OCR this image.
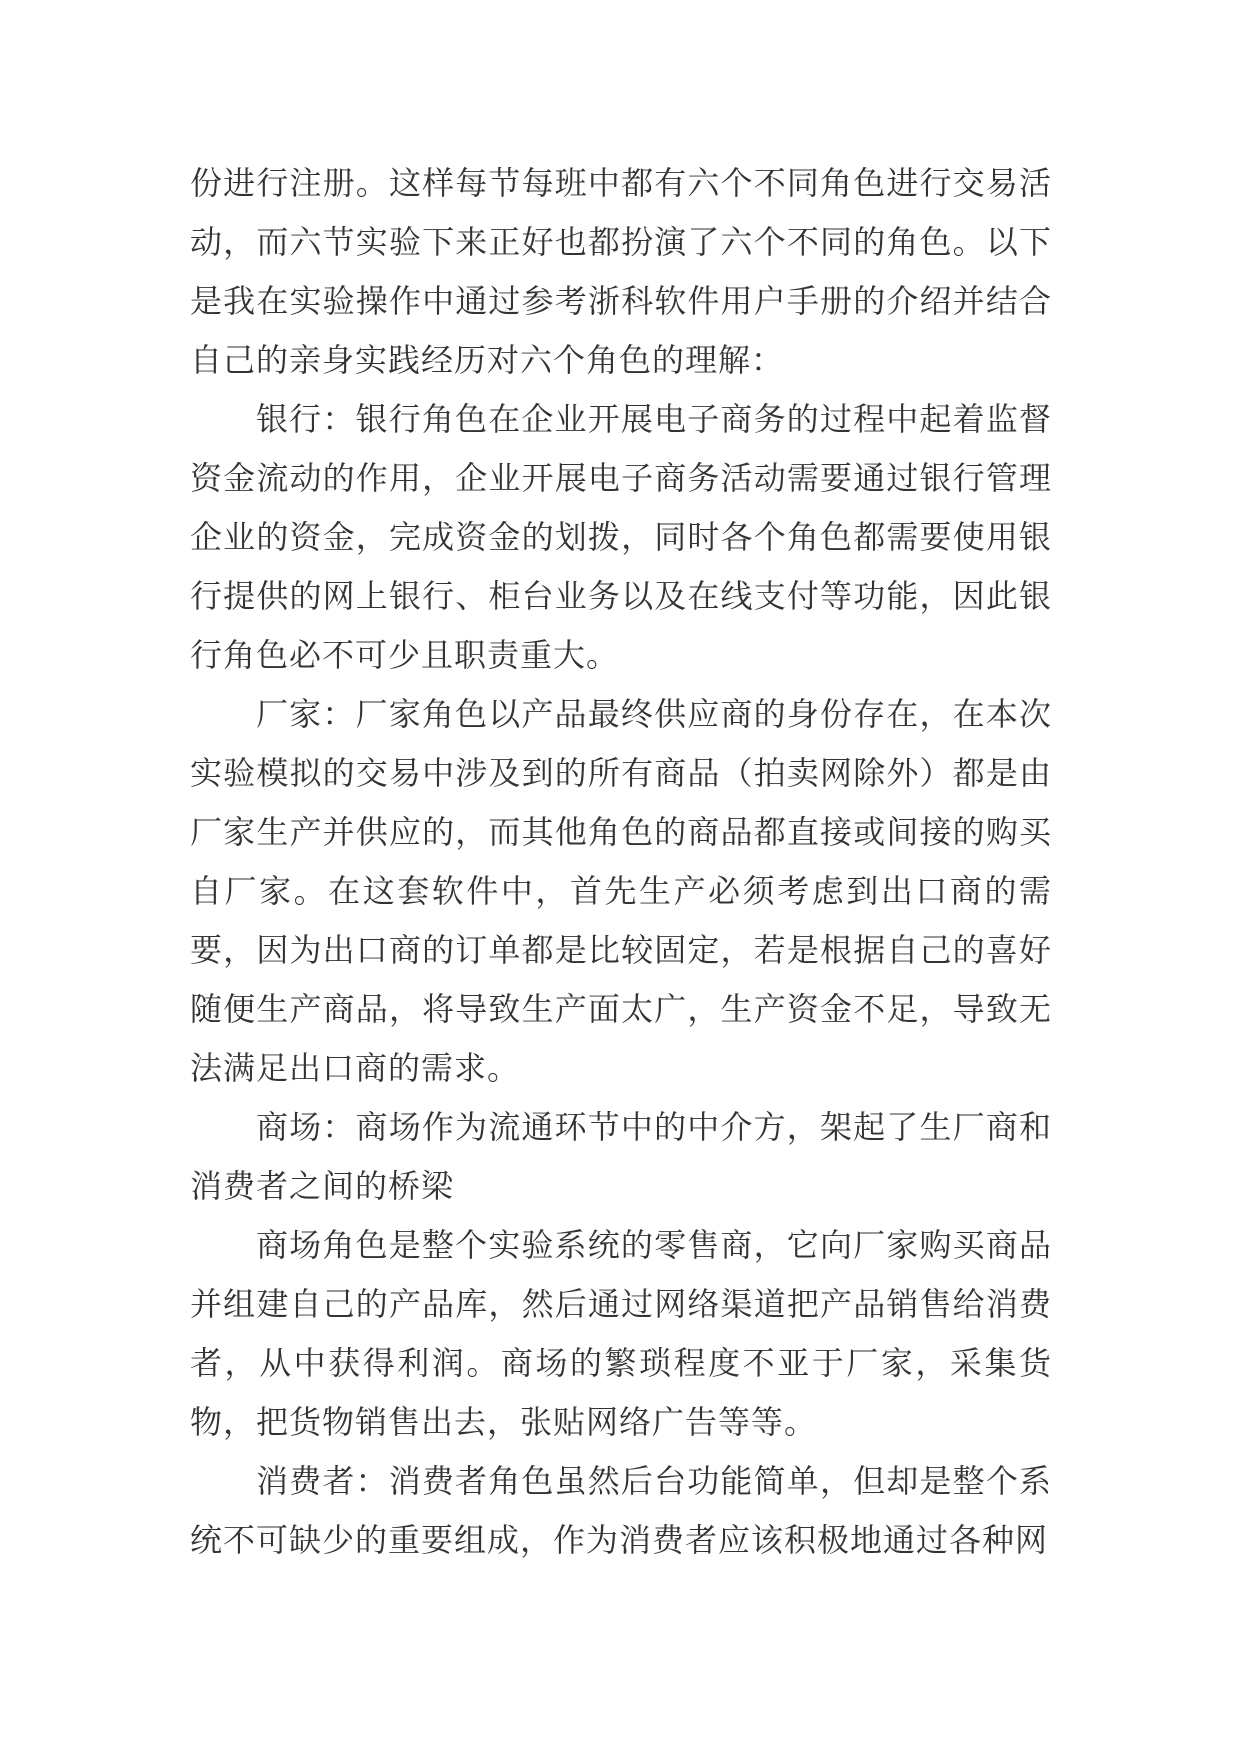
份进行注册。这样每节每班中都有六个不同角色进行交易活动，而六节实验下来正好也都扮演了六个不同的角色。以下是我在实验操作中通过参考浙科软件用户手册的介绍并结合自己的亲身实践经历对六个角色的理解：

银行：银行角色在企业开展电子商务的过程中起着监督资金流动的作用，企业开展电子商务活动需要通过银行管理企业的资金，完成资金的划拨，同时各个角色都需要使用银行提供的网上银行、柜台业务以及在线支付等功能，因此银行角色必不可少且职责重大。

厂家：厂家角色以产品最终供应商的身份存在，在本次实验模拟的交易中涉及到的所有商品（拍卖网除外）都是由厂家生产并供应的，而其他角色的商品都直接或间接的购买自厂家。在这套软件中，首先生产必须考虑到出口商的需要，因为出口商的订单都是比较固定，若是根据自己的喜好随便生产商品，将导致生产面太广，生产资金不足，导致无法满足出口商的需求。

商场：商场作为流通环节中的中介方，架起了生厂商和消费者之间的桥梁

商场角色是整个实验系统的零售商，它向厂家购买商品并组建自己的产品库，然后通过网络渠道把产品销售给消费者，从中获得利润。商场的繁琐程度不亚于厂家，采集货物，把货物销售出去，张贴网络广告等等。

消费者：消费者角色虽然后台功能简单，但却是整个系统不可缺少的重要组成，作为消费者应该积极地通过各种网
